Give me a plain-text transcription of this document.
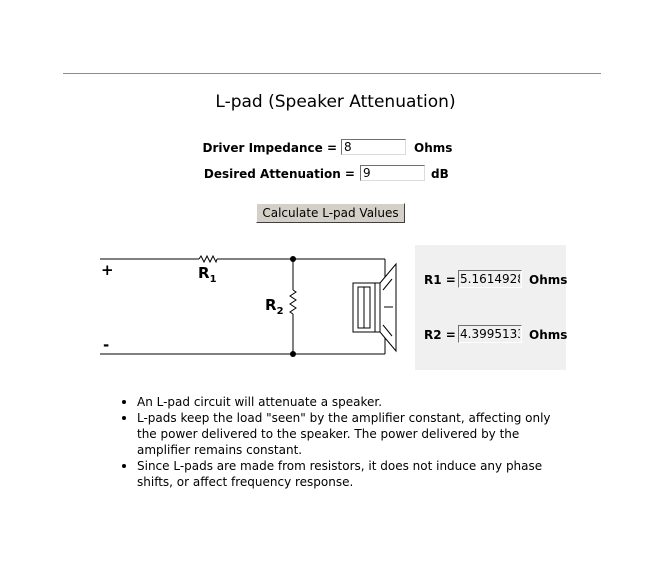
L-pad (Speaker Attenuation)
Driver Impedance =
8	Ohms
Desired Attenuation =
9	dB
Calculate L-pad Values
+
-
$R_1$
$R_2$
R1 =
5.1614928	Ohms
R2 =
4.3995133	Ohms
An L-pad circuit will attenuate a speaker.
L-pads keep the load "seen" by the amplifier constant, affecting only the power delivered to the speaker. The power delivered by the amplifier remains constant.
Since L-pads are made from resistors, it does not induce any phase shifts, or affect frequency response.
